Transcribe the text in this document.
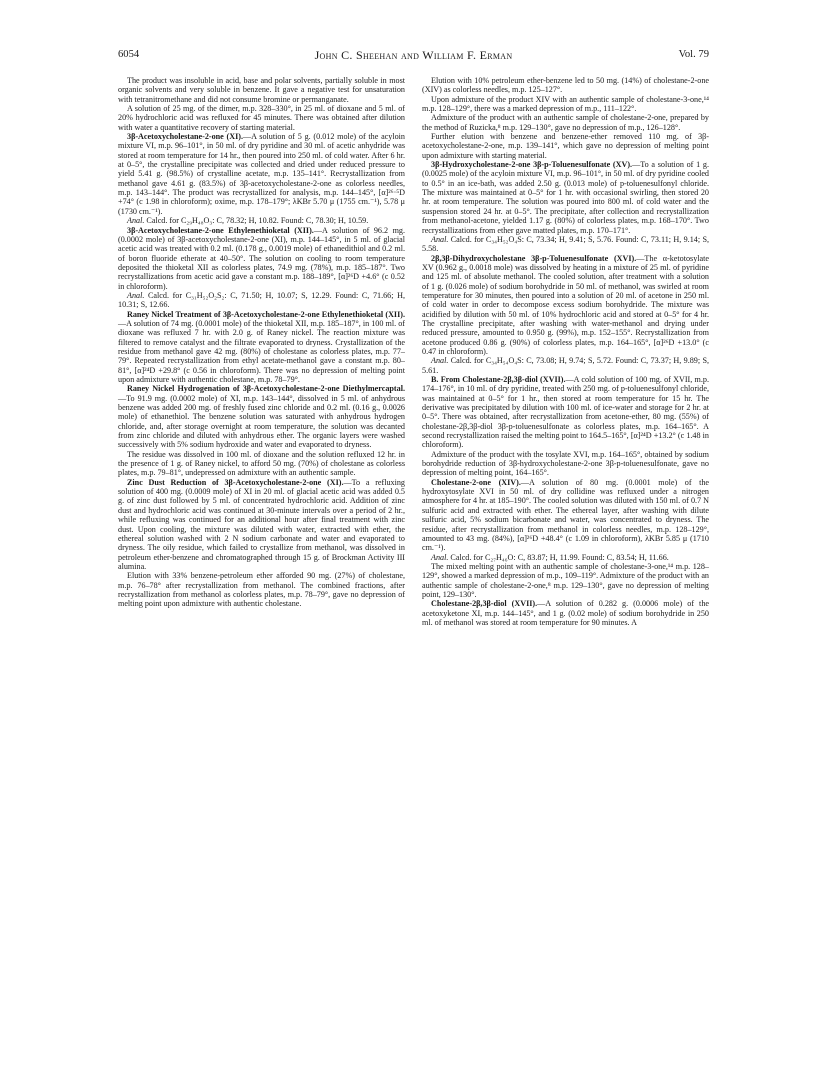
6054	John C. Sheehan and William F. Erman	Vol. 79

The product was insoluble in acid, base and polar solvents, partially soluble in most organic solvents and very soluble in benzene. It gave a negative test for unsaturation with tetranitromethane and did not consume bromine or permanganate.

A solution of 25 mg. of the dimer, m.p. 328–330°, in 25 ml. of dioxane and 5 ml. of 20% hydrochloric acid was refluxed for 45 minutes. There was obtained after dilution with water a quantitative recovery of starting material.

3β-Acetoxycholestane-2-one (XI).—A solution of 5 g. (0.012 mole) of the acyloin mixture VI, m.p. 96–101°, in 50 ml. of dry pyridine and 30 ml. of acetic anhydride was stored at room temperature for 14 hr., then poured into 250 ml. of cold water. After 6 hr. at 0–5°, the crystalline precipitate was collected and dried under reduced pressure to yield 5.41 g. (98.5%) of crystalline acetate, m.p. 135–141°. Recrystallization from methanol gave 4.61 g. (83.5%) of 3β-acetoxycholestane-2-one as colorless needles, m.p. 143–144°. The product was recrystallized for analysis, m.p. 144–145°, [α]²⁶·⁵D +74° (c 1.98 in chloroform); oxime, m.p. 178–179°; λKBr 5.70 μ (1755 cm.⁻¹), 5.78 μ (1730 cm.⁻¹).

Anal. Calcd. for C₂₉H₄₈O₃: C, 78.32; H, 10.82. Found: C, 78.30; H, 10.59.

3β-Acetoxycholestane-2-one Ethylenethioketal (XII).—A solution of 96.2 mg. (0.0002 mole) of 3β-acetoxycholestane-2-one (XI), m.p. 144–145°, in 5 ml. of glacial acetic acid was treated with 0.2 ml. (0.178 g., 0.0019 mole) of ethanedithiol and 0.2 ml. of boron fluoride etherate at 40–50°. The solution on cooling to room temperature deposited the thioketal XII as colorless plates, 74.9 mg. (78%), m.p. 185–187°. Two recrystallizations from acetic acid gave a constant m.p. 188–189°, [α]²⁶D +4.6° (c 0.52 in chloroform).

Anal. Calcd. for C₃₁H₅₂O₂S₂: C, 71.50; H, 10.07; S, 12.29. Found: C, 71.66; H, 10.31; S, 12.66.

Raney Nickel Treatment of 3β-Acetoxycholestane-2-one Ethylenethioketal (XII).—A solution of 74 mg. (0.0001 mole) of the thioketal XII, m.p. 185–187°, in 100 ml. of dioxane was refluxed 7 hr. with 2.0 g. of Raney nickel. The reaction mixture was filtered to remove catalyst and the filtrate evaporated to dryness. Crystallization of the residue from methanol gave 42 mg. (80%) of cholestane as colorless plates, m.p. 77–79°. Repeated recrystallization from ethyl acetate-methanol gave a constant m.p. 80–81°, [α]²⁴D +29.8° (c 0.56 in chloroform). There was no depression of melting point upon admixture with authentic cholestane, m.p. 78–79°.

Raney Nickel Hydrogenation of 3β-Acetoxycholestane-2-one Diethylmercaptal.—To 91.9 mg. (0.0002 mole) of XI, m.p. 143–144°, dissolved in 5 ml. of anhydrous benzene was added 200 mg. of freshly fused zinc chloride and 0.2 ml. (0.16 g., 0.0026 mole) of ethanethiol. The benzene solution was saturated with anhydrous hydrogen chloride, and, after storage overnight at room temperature, the solution was decanted from zinc chloride and diluted with anhydrous ether. The organic layers were washed successively with 5% sodium hydroxide and water and evaporated to dryness.

The residue was dissolved in 100 ml. of dioxane and the solution refluxed 12 hr. in the presence of 1 g. of Raney nickel, to afford 50 mg. (70%) of cholestane as colorless plates, m.p. 79–81°, undepressed on admixture with an authentic sample.

Zinc Dust Reduction of 3β-Acetoxycholestane-2-one (XI).—To a refluxing solution of 400 mg. (0.0009 mole) of XI in 20 ml. of glacial acetic acid was added 0.5 g. of zinc dust followed by 5 ml. of concentrated hydrochloric acid. Addition of zinc dust and hydrochloric acid was continued at 30-minute intervals over a period of 2 hr., while refluxing was continued for an additional hour after final treatment with zinc dust. Upon cooling, the mixture was diluted with water, extracted with ether, the ethereal solution washed with 2 N sodium carbonate and water and evaporated to dryness. The oily residue, which failed to crystallize from methanol, was dissolved in petroleum ether-benzene and chromatographed through 15 g. of Brockman Activity III alumina.

Elution with 33% benzene-petroleum ether afforded 90 mg. (27%) of cholestane, m.p. 76–78° after recrystallization from methanol. The combined fractions, after recrystallization from methanol as colorless plates, m.p. 78–79°, gave no depression of melting point upon admixture with authentic cholestane.

Elution with 10% petroleum ether-benzene led to 50 mg. (14%) of cholestane-2-one (XIV) as colorless needles, m.p. 125–127°.

Upon admixture of the product XIV with an authentic sample of cholestane-3-one,¹⁴ m.p. 128–129°, there was a marked depression of m.p., 111–122°.

Admixture of the product with an authentic sample of cholestane-2-one, prepared by the method of Ruzicka,⁸ m.p. 129–130°, gave no depression of m.p., 126–128°.

Further elution with benzene and benzene-ether removed 110 mg. of 3β-acetoxycholestane-2-one, m.p. 139–141°, which gave no depression of melting point upon admixture with starting material.

3β-Hydroxycholestane-2-one 3β-p-Toluenesulfonate (XV).—To a solution of 1 g. (0.0025 mole) of the acyloin mixture VI, m.p. 96–101°, in 50 ml. of dry pyridine cooled to 0.5° in an ice-bath, was added 2.50 g. (0.013 mole) of p-toluenesulfonyl chloride. The mixture was maintained at 0–5° for 1 hr. with occasional swirling, then stored 20 hr. at room temperature. The solution was poured into 800 ml. of cold water and the suspension stored 24 hr. at 0–5°. The precipitate, after collection and recrystallization from methanol-acetone, yielded 1.17 g. (80%) of colorless plates, m.p. 168–170°. Two recrystallizations from ether gave matted plates, m.p. 170–171°.

Anal. Calcd. for C₃₄H₅₂O₄S: C, 73.34; H, 9.41; S, 5.76. Found: C, 73.11; H, 9.14; S, 5.58.

2β,3β-Dihydroxycholestane 3β-p-Toluenesulfonate (XVI).—The α-ketotosylate XV (0.962 g., 0.0018 mole) was dissolved by heating in a mixture of 25 ml. of pyridine and 125 ml. of absolute methanol. The cooled solution, after treatment with a solution of 1 g. (0.026 mole) of sodium borohydride in 50 ml. of methanol, was swirled at room temperature for 30 minutes, then poured into a solution of 20 ml. of acetone in 250 ml. of cold water in order to decompose excess sodium borohydride. The mixture was acidified by dilution with 50 ml. of 10% hydrochloric acid and stored at 0–5° for 4 hr. The crystalline precipitate, after washing with water-methanol and drying under reduced pressure, amounted to 0.950 g. (99%), m.p. 152–155°. Recrystallization from acetone produced 0.86 g. (90%) of colorless plates, m.p. 164–165°, [α]²⁶D +13.0° (c 0.47 in chloroform).

Anal. Calcd. for C₃₄H₅₄O₄S: C, 73.08; H, 9.74; S, 5.72. Found: C, 73.37; H, 9.89; S, 5.61.

B. From Cholestane-2β,3β-diol (XVII).—A cold solution of 100 mg. of XVII, m.p. 174–176°, in 10 ml. of dry pyridine, treated with 250 mg. of p-toluenesulfonyl chloride, was maintained at 0–5° for 1 hr., then stored at room temperature for 15 hr. The derivative was precipitated by dilution with 100 ml. of ice-water and storage for 2 hr. at 0–5°. There was obtained, after recrystallization from acetone-ether, 80 mg. (55%) of cholestane-2β,3β-diol 3β-p-toluenesulfonate as colorless plates, m.p. 164–165°. A second recrystallization raised the melting point to 164.5–165°, [α]²⁴D +13.2° (c 1.48 in chloroform).

Admixture of the product with the tosylate XVI, m.p. 164–165°, obtained by sodium borohydride reduction of 3β-hydroxycholestane-2-one 3β-p-toluenesulfonate, gave no depression of melting point, 164–165°.

Cholestane-2-one (XIV).—A solution of 80 mg. (0.0001 mole) of the hydroxytosylate XVI in 50 ml. of dry collidine was refluxed under a nitrogen atmosphere for 4 hr. at 185–190°. The cooled solution was diluted with 150 ml. of 0.7 N sulfuric acid and extracted with ether. The ethereal layer, after washing with dilute sulfuric acid, 5% sodium bicarbonate and water, was concentrated to dryness. The residue, after recrystallization from methanol in colorless needles, m.p. 128–129°, amounted to 43 mg. (84%), [α]²⁶D +48.4° (c 1.09 in chloroform), λKBr 5.85 μ (1710 cm.⁻¹).

Anal. Calcd. for C₂₇H₄₆O: C, 83.87; H, 11.99. Found: C, 83.54; H, 11.66.

The mixed melting point with an authentic sample of cholestane-3-one,¹⁴ m.p. 128–129°, showed a marked depression of m.p., 109–119°. Admixture of the product with an authentic sample of cholestane-2-one,⁸ m.p. 129–130°, gave no depression of melting point, 129–130°.

Cholestane-2β,3β-diol (XVII).—A solution of 0.282 g. (0.0006 mole) of the acetoxyketone XI, m.p. 144–145°, and 1 g. (0.02 mole) of sodium borohydride in 250 ml. of methanol was stored at room temperature for 90 minutes. A
